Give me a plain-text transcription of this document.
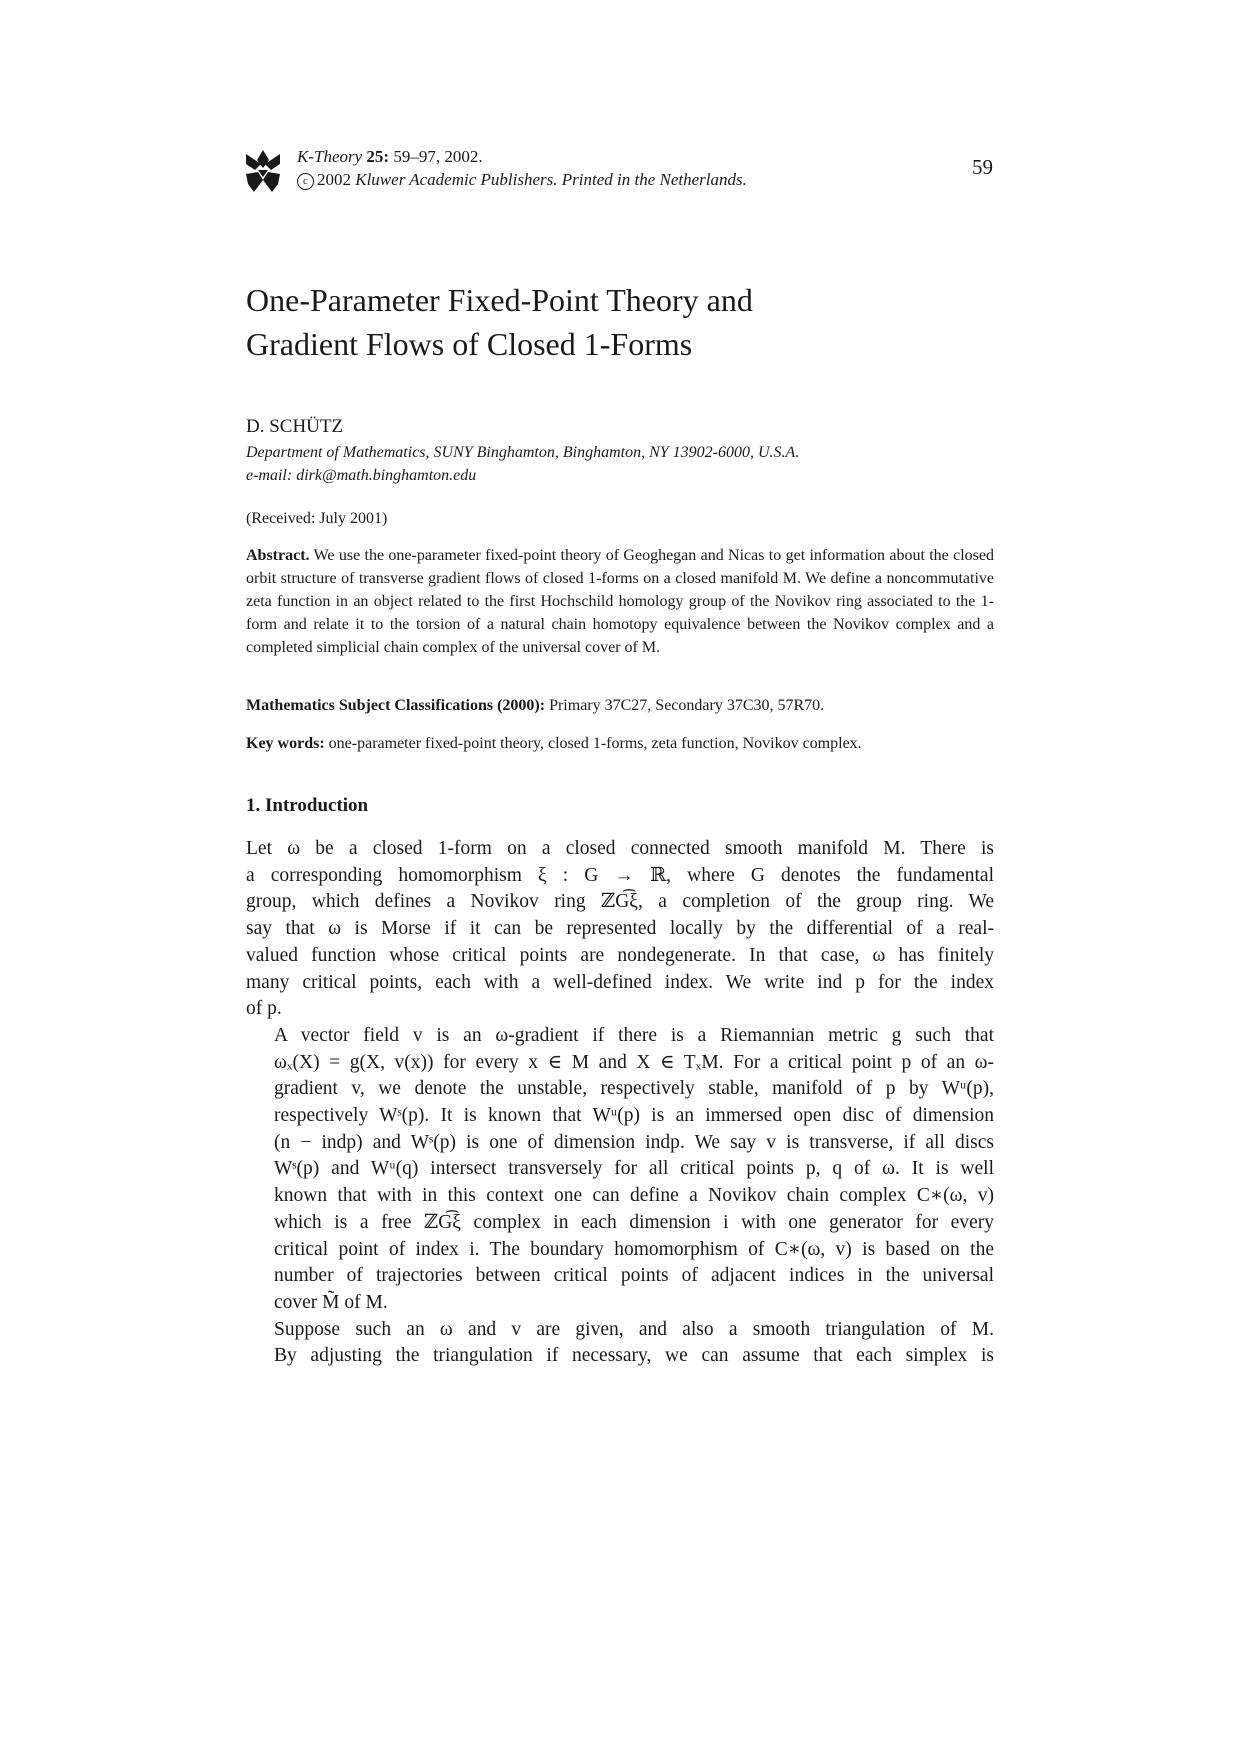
K-Theory 25: 59–97, 2002.
c 2002 Kluwer Academic Publishers. Printed in the Netherlands.
59
One-Parameter Fixed-Point Theory and
Gradient Flows of Closed 1-Forms
D. SCHÜTZ
Department of Mathematics, SUNY Binghamton, Binghamton, NY 13902-6000, U.S.A.
e-mail: dirk@math.binghamton.edu
(Received: July 2001)
Abstract. We use the one-parameter fixed-point theory of Geoghegan and Nicas to get information about the closed orbit structure of transverse gradient flows of closed 1-forms on a closed manifold M. We define a noncommutative zeta function in an object related to the first Hochschild homology group of the Novikov ring associated to the 1-form and relate it to the torsion of a natural chain homotopy equivalence between the Novikov complex and a completed simplicial chain complex of the universal cover of M.
Mathematics Subject Classifications (2000): Primary 37C27, Secondary 37C30, 57R70.
Key words: one-parameter fixed-point theory, closed 1-forms, zeta function, Novikov complex.
1. Introduction

Let ω be a closed 1-form on a closed connected smooth manifold M. There is
a corresponding homomorphism ξ : G → ℝ, where G denotes the fundamental
group, which defines a Novikov ring ℤG͡ξ, a completion of the group ring. We
say that ω is Morse if it can be represented locally by the differential of a real-
valued function whose critical points are nondegenerate. In that case, ω has finitely
many critical points, each with a well-defined index. We write ind p for the index
of p.

A vector field v is an ω-gradient if there is a Riemannian metric g such that
ωₓ(X) = g(X, v(x)) for every x ∈ M and X ∈ TₓM. For a critical point p of an ω-
gradient v, we denote the unstable, respectively stable, manifold of p by Wᵘ(p),
respectively Wˢ(p). It is known that Wᵘ(p) is an immersed open disc of dimension
(n − indp) and Wˢ(p) is one of dimension indp. We say v is transverse, if all discs
Wˢ(p) and Wᵘ(q) intersect transversely for all critical points p, q of ω. It is well
known that with in this context one can define a Novikov chain complex C∗(ω, v)
which is a free ℤG͡ξ complex in each dimension i with one generator for every
critical point of index i. The boundary homomorphism of C∗(ω, v) is based on the
number of trajectories between critical points of adjacent indices in the universal
cover M̃ of M.

Suppose such an ω and v are given, and also a smooth triangulation of M.
By adjusting the triangulation if necessary, we can assume that each simplex is
